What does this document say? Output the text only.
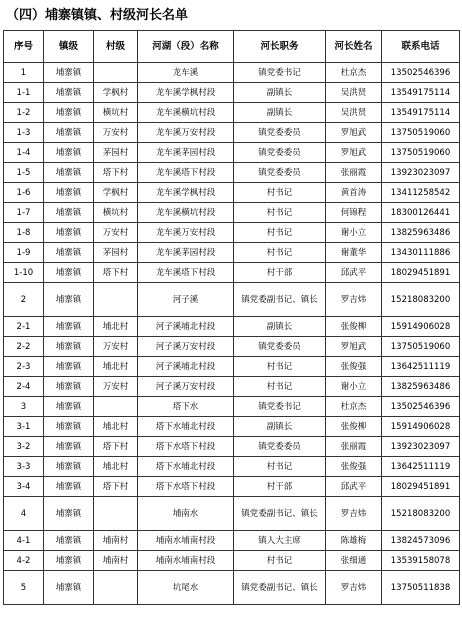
（四）埔寨镇镇、村级河长名单
序号	镇级	村级	河湖（段）名称	河长职务	河长姓名	联系电话
1	埔寨镇		龙车溪	镇党委书记	杜京杰	13502546396
1-1	埔寨镇	学枫村	龙车溪学枫村段	副镇长	吴洪贤	13549175114
1-2	埔寨镇	横坑村	龙车溪横坑村段	副镇长	吴洪贤	13549175114
1-3	埔寨镇	万安村	龙车溪万安村段	镇党委委员	罗旭武	13750519060
1-4	埔寨镇	茅园村	龙车溪茅园村段	镇党委委员	罗旭武	13750519060
1-5	埔寨镇	塔下村	龙车溪塔下村段	镇党委委员	张丽霞	13923023097
1-6	埔寨镇	学枫村	龙车溪学枫村段	村书记	黄首涛	13411258542
1-7	埔寨镇	横坑村	龙车溪横坑村段	村书记	何锦程	18300126441
1-8	埔寨镇	万安村	龙车溪万安村段	村书记	谢小立	13825963486
1-9	埔寨镇	茅园村	龙车溪茅园村段	村书记	谢董华	13430111886
1-10	埔寨镇	塔下村	龙车溪塔下村段	村干部	邱武平	18029451891
2	埔寨镇		河子溪	镇党委副书记、镇长	罗吉炜	15218083200
2-1	埔寨镇	埔北村	河子溪埔北村段	副镇长	张俊柳	15914906028
2-2	埔寨镇	万安村	河子溪万安村段	镇党委委员	罗旭武	13750519060
2-3	埔寨镇	埔北村	河子溪埔北村段	村书记	张俊强	13642511119
2-4	埔寨镇	万安村	河子溪万安村段	村书记	谢小立	13825963486
3	埔寨镇		塔下水	镇党委书记	杜京杰	13502546396
3-1	埔寨镇	埔北村	塔下水埔北村段	副镇长	张俊柳	15914906028
3-2	埔寨镇	塔下村	塔下水塔下村段	镇党委委员	张丽霞	13923023097
3-3	埔寨镇	埔北村	塔下水埔北村段	村书记	张俊强	13642511119
3-4	埔寨镇	塔下村	塔下水塔下村段	村干部	邱武平	18029451891
4	埔寨镇		埔南水	镇党委副书记、镇长	罗吉炜	15218083200
4-1	埔寨镇	埔南村	埔南水埔南村段	镇人大主席	陈雄梅	13824573096
4-2	埔寨镇	埔南村	埔南水埔南村段	村书记	张细通	13539158078
5	埔寨镇		坑尾水	镇党委副书记、镇长	罗吉炜	13750511838
